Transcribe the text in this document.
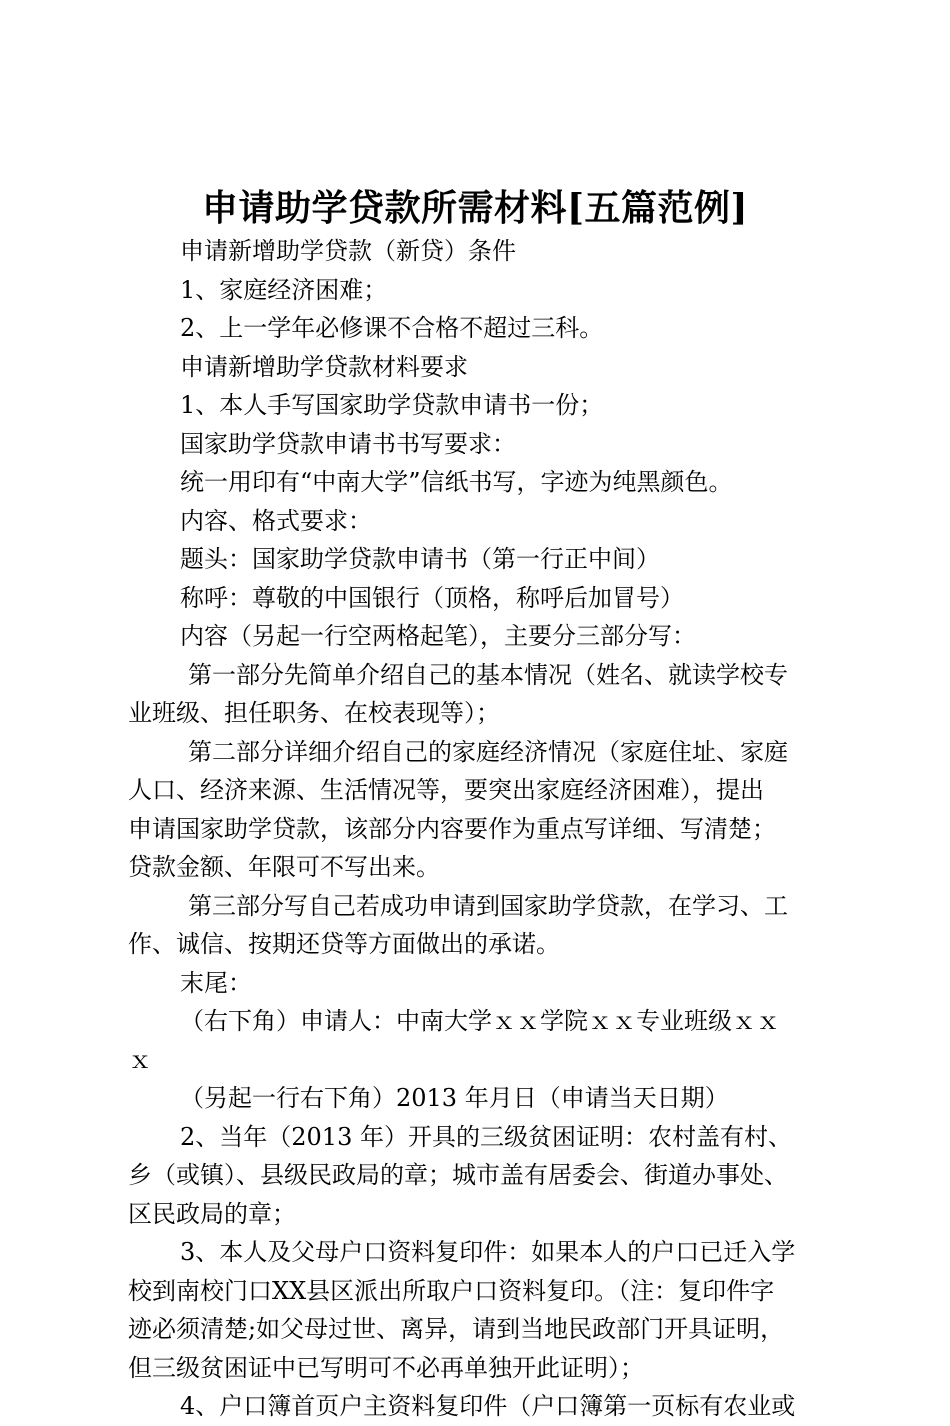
申请助学贷款所需材料[五篇范例]
申请新增助学贷款（新贷）条件
1、家庭经济困难；
2、上一学年必修课不合格不超过三科。
申请新增助学贷款材料要求
1、本人手写国家助学贷款申请书一份；
国家助学贷款申请书书写要求：
统一用印有“中南大学”信纸书写，字迹为纯黑颜色。
内容、格式要求：
题头：国家助学贷款申请书（第一行正中间）
称呼：尊敬的中国银行（顶格，称呼后加冒号）
内容（另起一行空两格起笔），主要分三部分写：
第一部分先简单介绍自己的基本情况（姓名、就读学校专
业班级、担任职务、在校表现等）；
第二部分详细介绍自己的家庭经济情况（家庭住址、家庭
人口、经济来源、生活情况等，要突出家庭经济困难），提出
申请国家助学贷款，该部分内容要作为重点写详细、写清楚；
贷款金额、年限可不写出来。
第三部分写自己若成功申请到国家助学贷款，在学习、工
作、诚信、按期还贷等方面做出的承诺。
末尾：
（右下角）申请人：中南大学ｘｘ学院ｘｘ专业班级ｘｘ
ｘ
（另起一行右下角）2013 年月日（申请当天日期）
2、当年（2013 年）开具的三级贫困证明：农村盖有村、
乡（或镇）、县级民政局的章；城市盖有居委会、街道办事处、
区民政局的章；
3、本人及父母户口资料复印件：如果本人的户口已迁入学
校到南校门口XX县区派出所取户口资料复印。（注：复印件字
迹必须清楚;如父母过世、离异，请到当地民政部门开具证明，
但三级贫困证中已写明可不必再单独开此证明）；
4、户口簿首页户主资料复印件（户口簿第一页标有农业或
